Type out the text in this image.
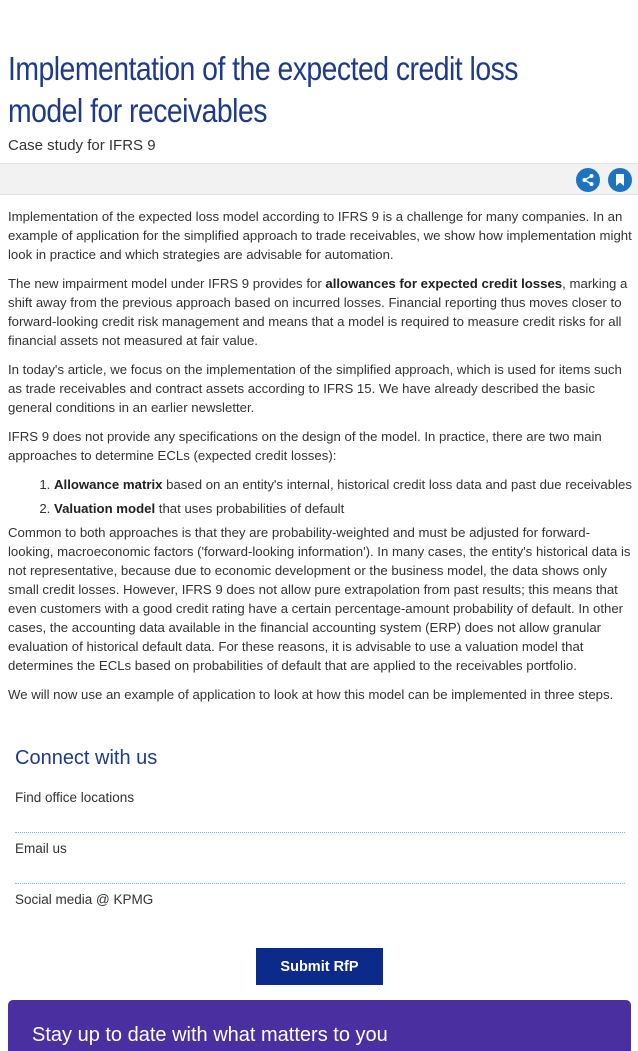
Implementation of the expected credit loss
model for receivables
Case study for IFRS 9

Implementation of the expected loss model according to IFRS 9 is a challenge for many companies. In an example of application for the simplified approach to trade receivables, we show how implementation might look in practice and which strategies are advisable for automation.

The new impairment model under IFRS 9 provides for allowances for expected credit losses, marking a shift away from the previous approach based on incurred losses. Financial reporting thus moves closer to forward-looking credit risk management and means that a model is required to measure credit risks for all financial assets not measured at fair value.

In today's article, we focus on the implementation of the simplified approach, which is used for items such as trade receivables and contract assets according to IFRS 15. We have already described the basic general conditions in an earlier newsletter.

IFRS 9 does not provide any specifications on the design of the model. In practice, there are two main approaches to determine ECLs (expected credit losses):

1. Allowance matrix based on an entity's internal, historical credit loss data and past due receivables
2. Valuation model that uses probabilities of default

Common to both approaches is that they are probability-weighted and must be adjusted for forward-looking, macroeconomic factors ('forward-looking information'). In many cases, the entity's historical data is not representative, because due to economic development or the business model, the data shows only small credit losses. However, IFRS 9 does not allow pure extrapolation from past results; this means that even customers with a good credit rating have a certain percentage-amount probability of default. In other cases, the accounting data available in the financial accounting system (ERP) does not allow granular evaluation of historical default data. For these reasons, it is advisable to use a valuation model that determines the ECLs based on probabilities of default that are applied to the receivables portfolio.

We will now use an example of application to look at how this model can be implemented in three steps.

Connect with us
Find office locations
Email us
Social media @ KPMG
Submit RfP
Stay up to date with what matters to you
